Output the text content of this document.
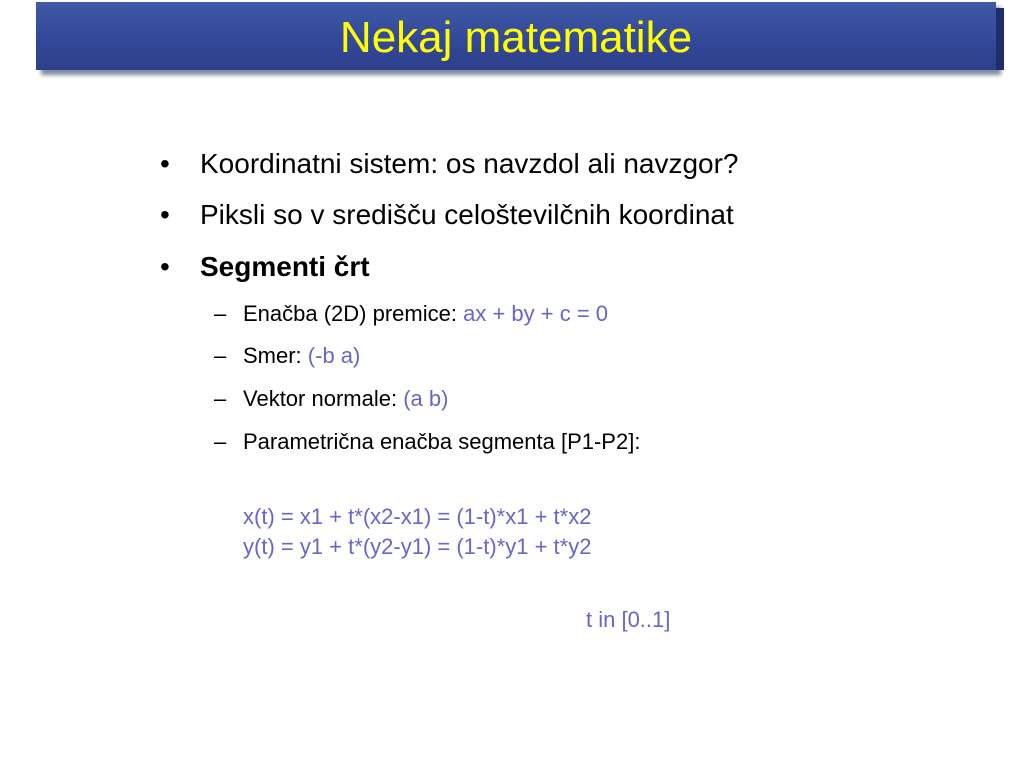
Nekaj matematike
• Koordinatni sistem: os navzdol ali navzgor?
• Piksli so v središču celoštevilčnih koordinat
• Segmenti črt
– Enačba (2D) premice: ax + by + c = 0
– Smer: (-b a)
– Vektor normale: (a b)
– Parametrična enačba segmenta [P1-P2]:
x(t) = x1 + t*(x2-x1) = (1-t)*x1 + t*x2
y(t) = y1 + t*(y2-y1) = (1-t)*y1 + t*y2
t in [0..1]
